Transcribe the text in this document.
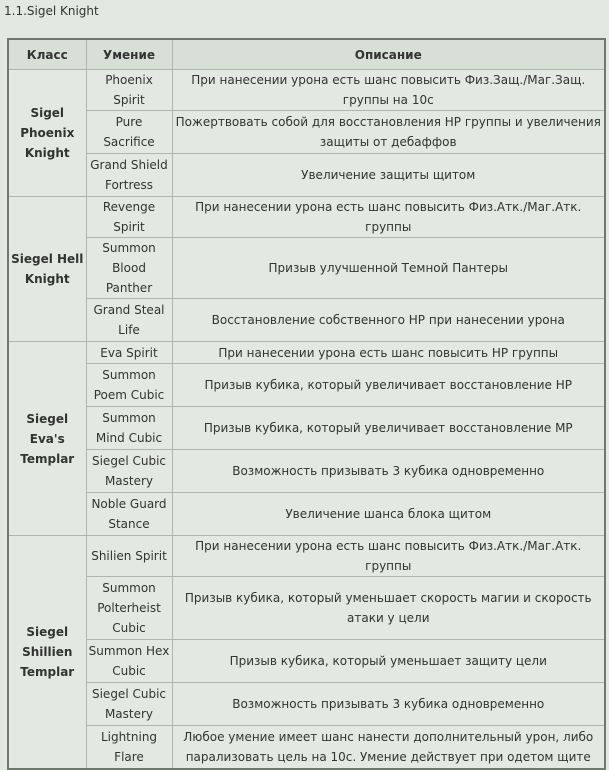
1.1.Sigel Knight
Класс	Умение	Описание
Sigel Phoenix Knight	Phoenix Spirit	При нанесении урона есть шанс повысить Физ.Защ./Маг.Защ. группы на 10с
	Pure Sacrifice	Пожертвовать собой для восстановления HP группы и увеличения защиты от дебаффов
	Grand Shield Fortress	Увеличение защиты щитом
Siegel Hell Knight	Revenge Spirit	При нанесении урона есть шанс повысить Физ.Атк./Маг.Атк. группы
	Summon Blood Panther	Призыв улучшенной Темной Пантеры
	Grand Steal Life	Восстановление собственного HP при нанесении урона
Siegel Eva's Templar	Eva Spirit	При нанесении урона есть шанс повысить HP группы
	Summon Poem Cubic	Призыв кубика, который увеличивает восстановление HP
	Summon Mind Cubic	Призыв кубика, который увеличивает восстановление MP
	Siegel Cubic Mastery	Возможность призывать 3 кубика одновременно
	Noble Guard Stance	Увеличение шанса блока щитом
Siegel Shillien Templar	Shilien Spirit	При нанесении урона есть шанс повысить Физ.Атк./Маг.Атк. группы
	Summon Polterheist Cubic	Призыв кубика, который уменьшает скорость магии и скорость атаки у цели
	Summon Hex Cubic	Призыв кубика, который уменьшает защиту цели
	Siegel Cubic Mastery	Возможность призывать 3 кубика одновременно
	Lightning Flare	Любое умение имеет шанс нанести дополнительный урон, либо парализовать цель на 10с. Умение действует при одетом щите
